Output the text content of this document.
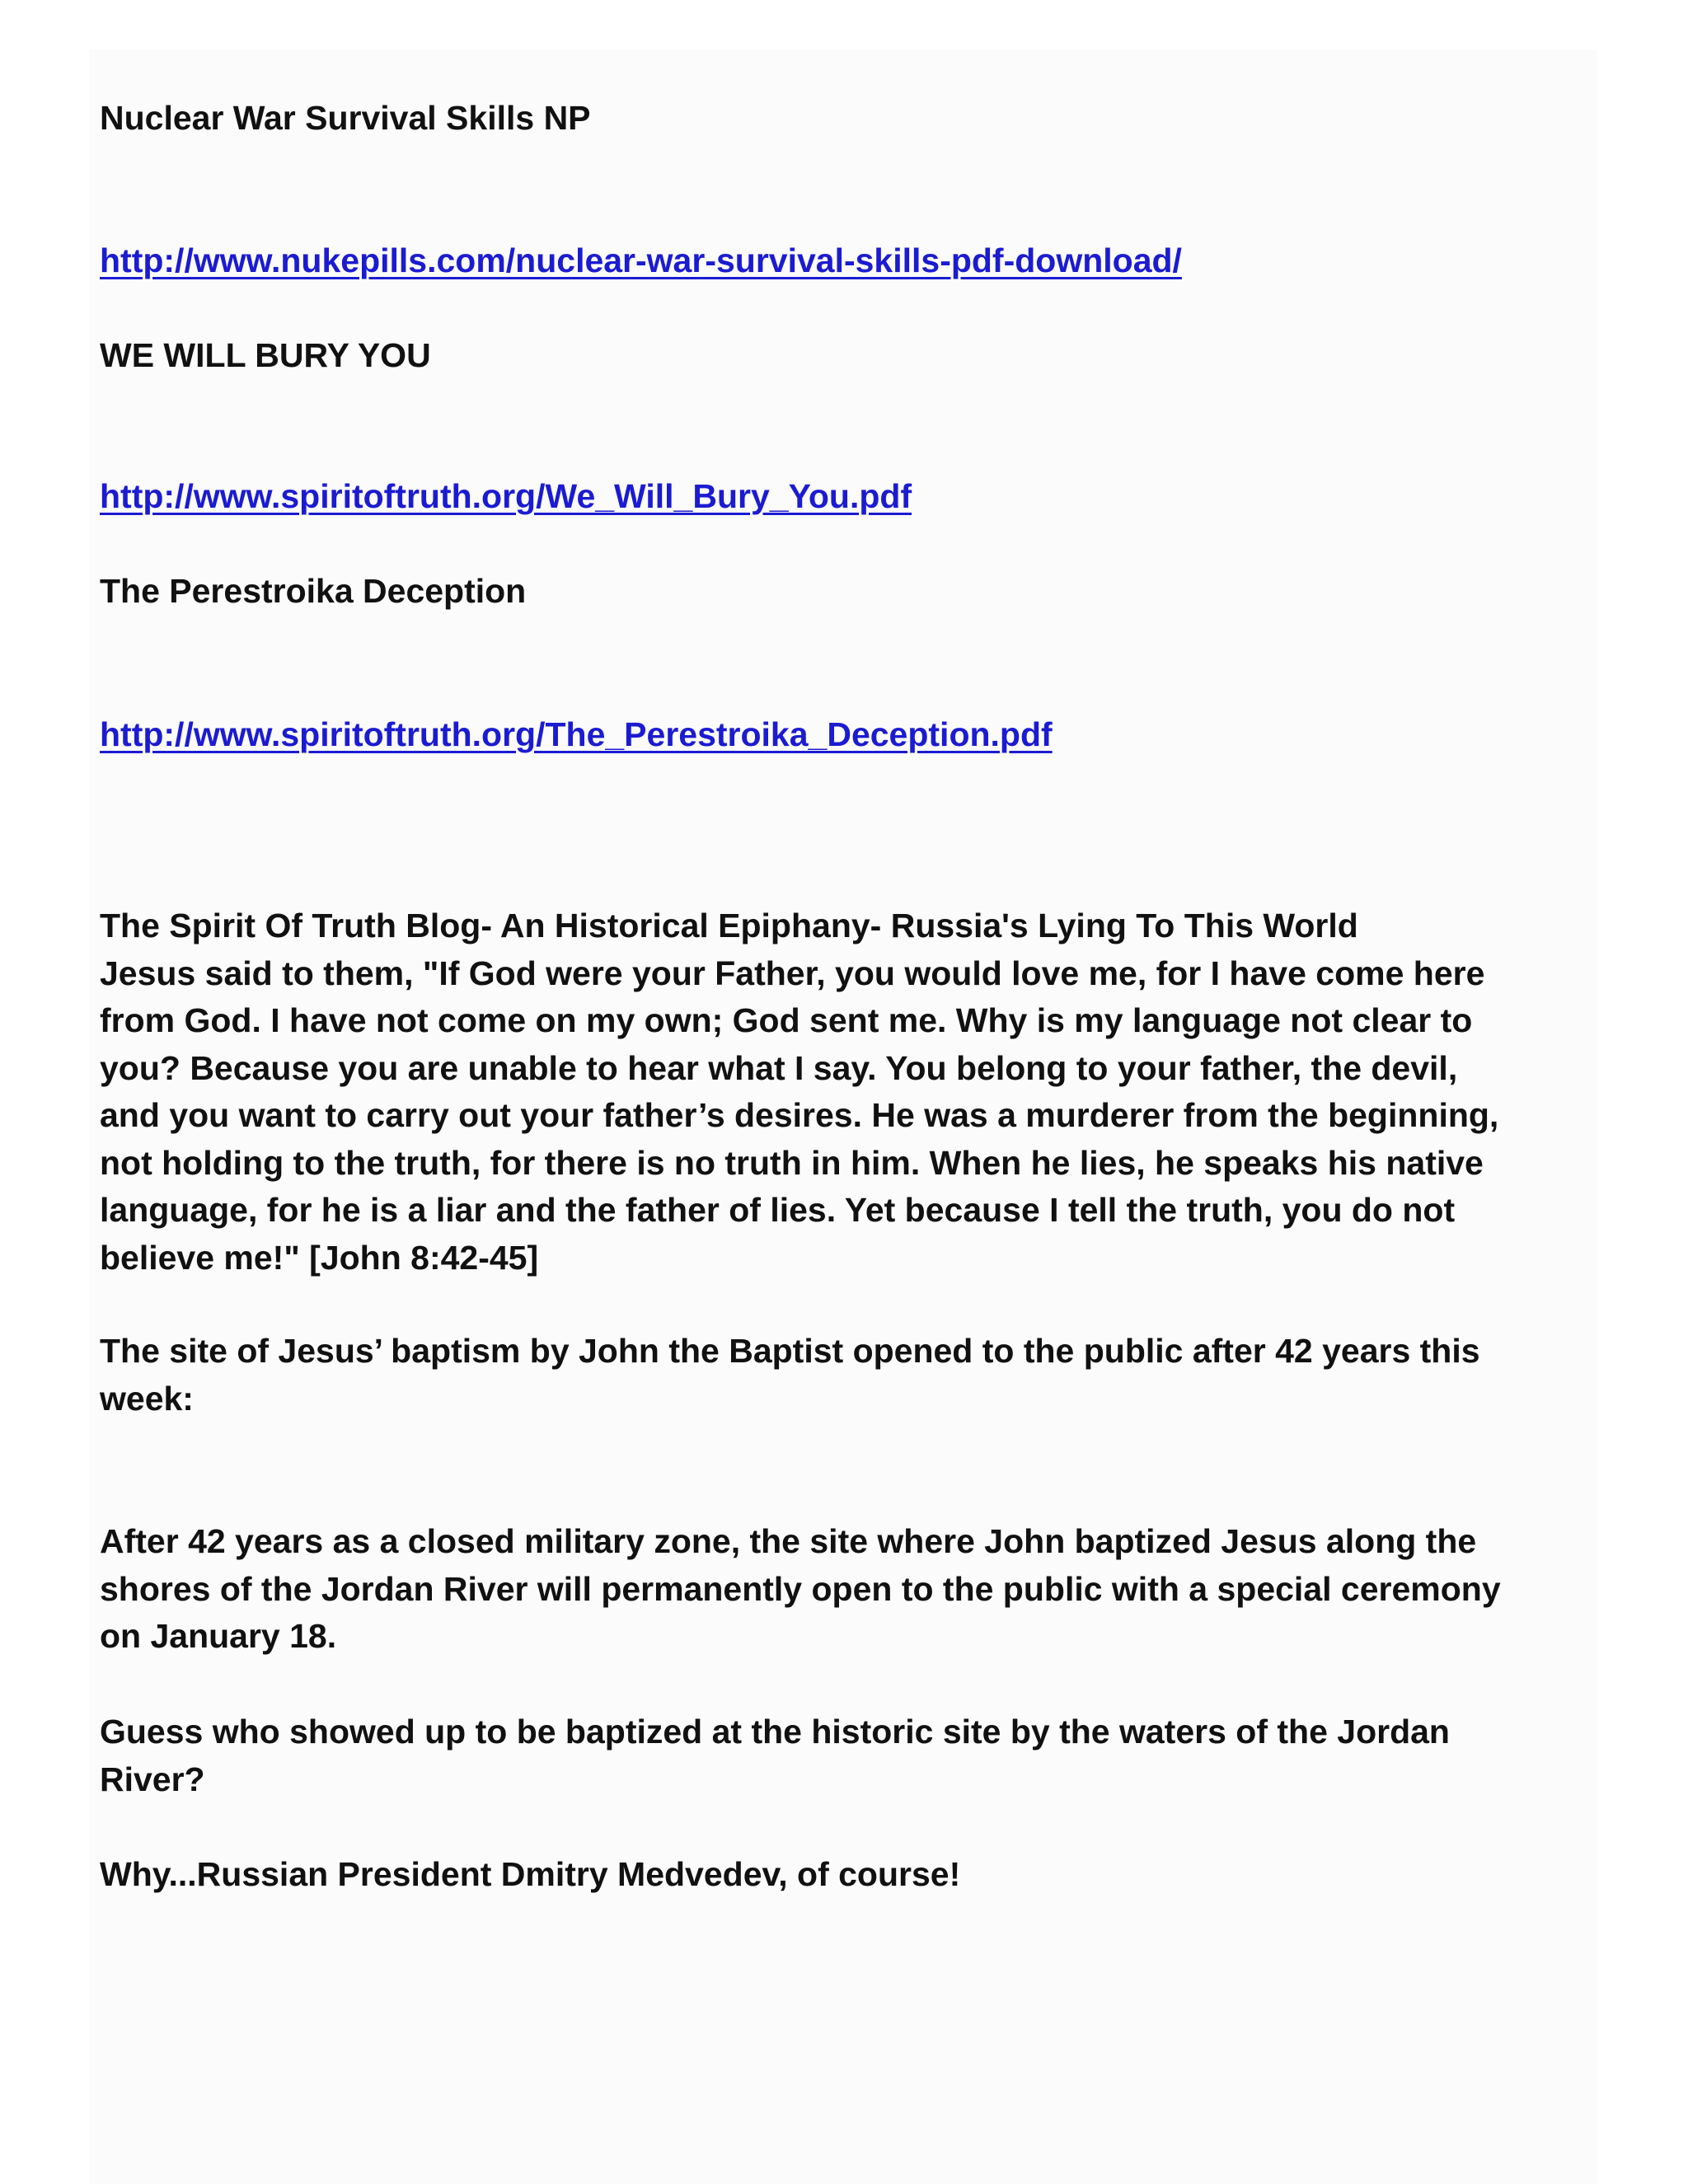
Nuclear War Survival Skills NP

http://www.nukepills.com/nuclear-war-survival-skills-pdf-download/

WE WILL BURY YOU

http://www.spiritoftruth.org/We_Will_Bury_You.pdf

The Perestroika Deception

http://www.spiritoftruth.org/The_Perestroika_Deception.pdf

The Spirit Of Truth Blog- An Historical Epiphany- Russia's Lying To This World
Jesus said to them, "If God were your Father, you would love me, for I have come here
from God. I have not come on my own; God sent me. Why is my language not clear to
you? Because you are unable to hear what I say. You belong to your father, the devil,
and you want to carry out your father’s desires. He was a murderer from the beginning,
not holding to the truth, for there is no truth in him. When he lies, he speaks his native
language, for he is a liar and the father of lies. Yet because I tell the truth, you do not
believe me!" [John 8:42-45]

The site of Jesus’ baptism by John the Baptist opened to the public after 42 years this
week:

After 42 years as a closed military zone, the site where John baptized Jesus along the
shores of the Jordan River will permanently open to the public with a special ceremony
on January 18.

Guess who showed up to be baptized at the historic site by the waters of the Jordan
River?

Why...Russian President Dmitry Medvedev, of course!
